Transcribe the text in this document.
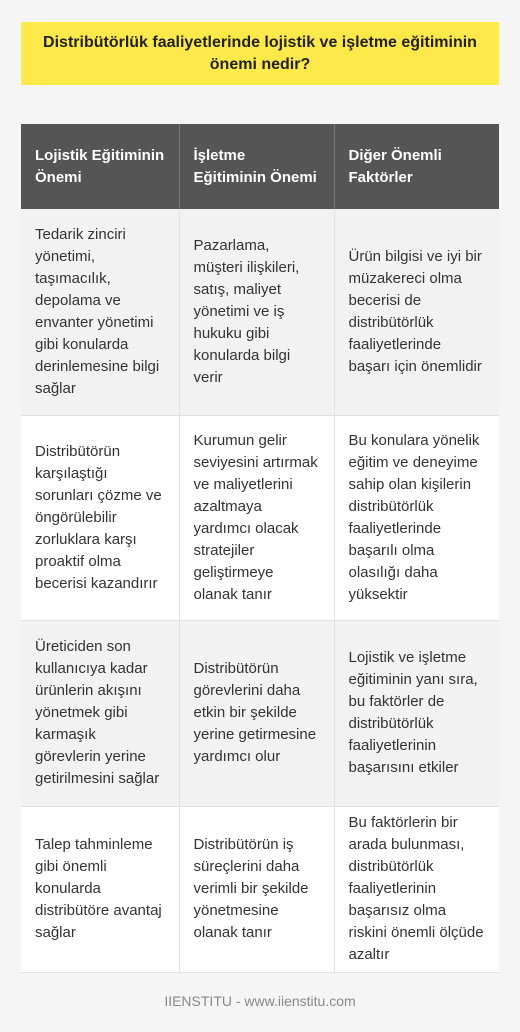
Distribütörlük faaliyetlerinde lojistik ve işletme eğitiminin önemi nedir?
Lojistik Eğitiminin Önemi	İşletme Eğitiminin Önemi	Diğer Önemli Faktörler
Tedarik zinciri yönetimi, taşımacılık, depolama ve envanter yönetimi gibi konularda derinlemesine bilgi sağlar	Pazarlama, müşteri ilişkileri, satış, maliyet yönetimi ve iş hukuku gibi konularda bilgi verir	Ürün bilgisi ve iyi bir müzakereci olma becerisi de distribütörlük faaliyetlerinde başarı için önemlidir
Distribütörün karşılaştığı sorunları çözme ve öngörülebilir zorluklara karşı proaktif olma becerisi kazandırır	Kurumun gelir seviyesini artırmak ve maliyetlerini azaltmaya yardımcı olacak stratejiler geliştirmeye olanak tanır	Bu konulara yönelik eğitim ve deneyime sahip olan kişilerin distribütörlük faaliyetlerinde başarılı olma olasılığı daha yüksektir
Üreticiden son kullanıcıya kadar ürünlerin akışını yönetmek gibi karmaşık görevlerin yerine getirilmesini sağlar	Distribütörün görevlerini daha etkin bir şekilde yerine getirmesine yardımcı olur	Lojistik ve işletme eğitiminin yanı sıra, bu faktörler de distribütörlük faaliyetlerinin başarısını etkiler
Talep tahminleme gibi önemli konularda distribütöre avantaj sağlar	Distribütörün iş süreçlerini daha verimli bir şekilde yönetmesine olanak tanır	Bu faktörlerin bir arada bulunması, distribütörlük faaliyetlerinin başarısız olma riskini önemli ölçüde azaltır
IIENSTITU - www.iienstitu.com
